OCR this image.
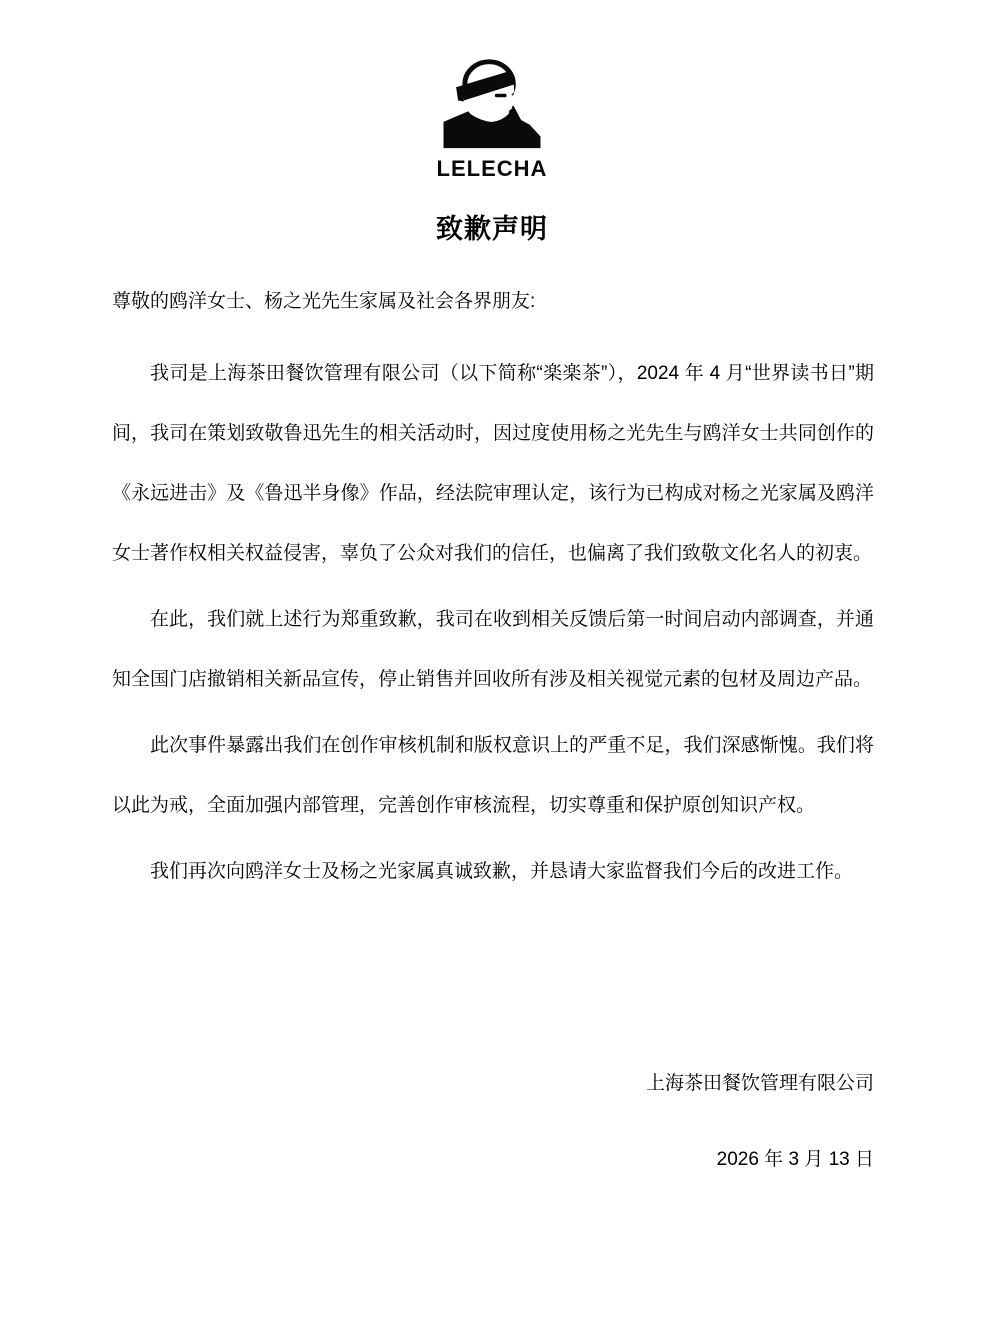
LELECHA
致歉声明

尊敬的鸥洋女士、杨之光先生家属及社会各界朋友:

我司是上海茶田餐饮管理有限公司（以下简称“楽楽茶”），2024 年 4 月“世界读书日”期间，我司在策划致敬鲁迅先生的相关活动时，因过度使用杨之光先生与鸥洋女士共同创作的《永远进击》及《鲁迅半身像》作品，经法院审理认定，该行为已构成对杨之光家属及鸥洋女士著作权相关权益侵害，辜负了公众对我们的信任，也偏离了我们致敬文化名人的初衷。

在此，我们就上述行为郑重致歉，我司在收到相关反馈后第一时间启动内部调查，并通知全国门店撤销相关新品宣传，停止销售并回收所有涉及相关视觉元素的包材及周边产品。

此次事件暴露出我们在创作审核机制和版权意识上的严重不足，我们深感惭愧。我们将以此为戒，全面加强内部管理，完善创作审核流程，切实尊重和保护原创知识产权。

我们再次向鸥洋女士及杨之光家属真诚致歉，并恳请大家监督我们今后的改进工作。

上海茶田餐饮管理有限公司
2026 年 3 月 13 日
